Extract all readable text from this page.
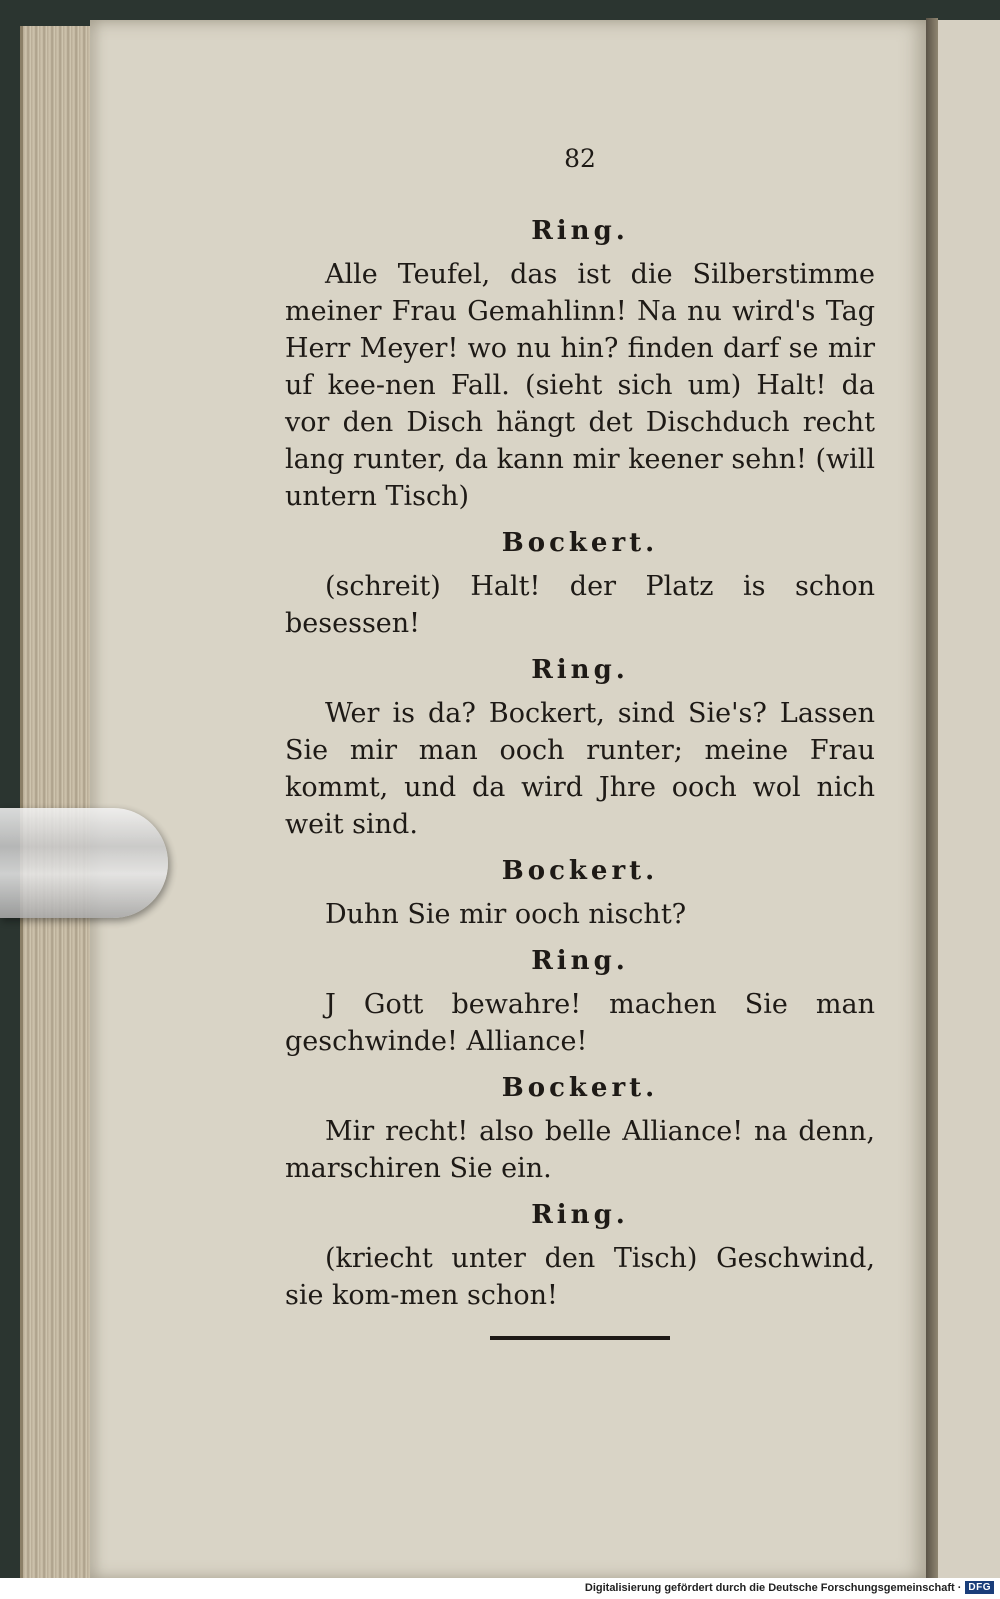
82
Ring.

Alle Teufel, das ist die Silberstimme meiner Frau Gemahlinn! Na nu wird's Tag Herr Meyer! wo nu hin? finden darf se mir uf kee-nen Fall. (sieht sich um) Halt! da vor den Disch hängt det Dischduch recht lang runter, da kann mir keener sehn! (will untern Tisch)

Bockert.

(schreit) Halt! der Platz is schon besessen!

Ring.

Wer is da? Bockert, sind Sie's? Lassen Sie mir man ooch runter; meine Frau kommt, und da wird Jhre ooch wol nich weit sind.

Bockert.

Duhn Sie mir ooch nischt?

Ring.

J Gott bewahre! machen Sie man geschwinde! Alliance!

Bockert.

Mir recht! also belle Alliance! na denn, marschiren Sie ein.

Ring.

(kriecht unter den Tisch) Geschwind, sie kom-men schon!

Digitalisierung gefördert durch die Deutsche Forschungsgemeinschaft · DFG
